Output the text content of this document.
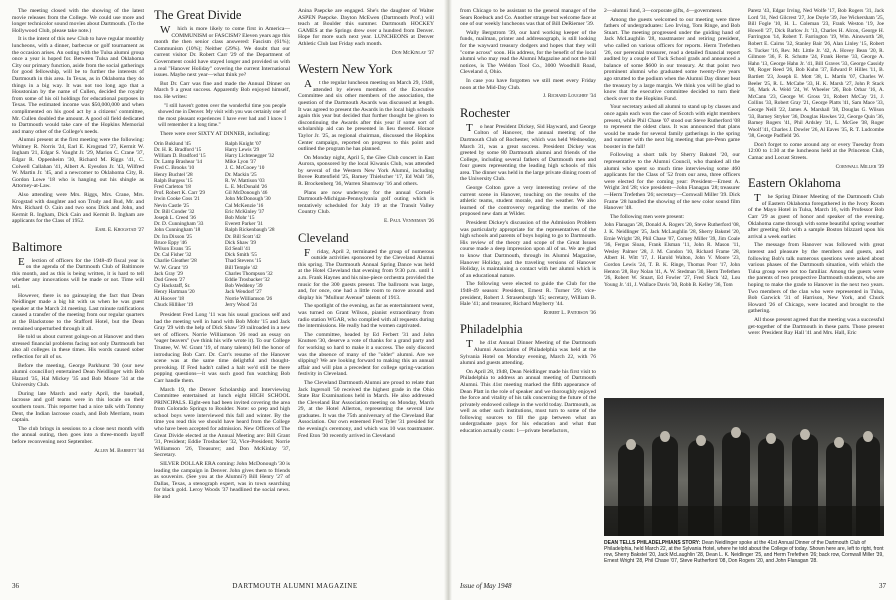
The meeting closed with the showing of the latest movie releases from the College. We could use more and longer technicolor sound movies about Dartmouth. (To the Hollywood Club, please take note.)

It is the intent of this new Club to have regular monthly luncheons, with a dinner, barbecue or golf tournament as the occasion arises. An outing with the Tulsa alumni group once a year is hoped for. Between Tulsa and Oklahoma City our primary function, aside from the social gatherings for good fellowship, will be to further the interests of Dartmouth in this area. In Texas, as in Oklahoma they do things in a big way. It was not too long ago that a Houstonian by the name of Cullen, decided the royalty from some of his oil holdings for educational purposes in Texas. The estimated income was $50,000,000 and when complimented on his good act by a citizens' committee, Mr. Cullen doubled the amount. A good oil field dedicated to Dartmouth would take care of the Hopkins Memorial and many other of the College's needs.

Alumni present at the first meeting were the following: Whitney R. Norris '24, Earl E. Krogstad '27, Kermit W. Ingham '21, Edgar S. Vaught Jr. '29, Marion C. Crane '37, Edgar R. Oppenheim '30, Richard M. Riggs '41, C. Colwell Callahan '41, Albert A. Eyesdon Jr. '43, Wilfred W. Martin Jr. '45, and a newcomer to Oklahoma City, R. Gordon Lowe '18 who is hanging out his shingle as Attorney-at-Law.

Also attending were Mrs. Riggs, Mrs. Crane, Mrs. Krogstad with daughter and son Trudy and Bud, Mr. and Mrs. Richard O. Cain and two sons Dick and John, and Kermit R. Ingham, Dick Cain and Kermit B. Ingham are applicants for the Class of 1952.

Earl E. Krogstad '27

Baltimore

Election of officers for the 1948-49 fiscal year is on the agenda of the Dartmouth Club of Baltimore this month, and as this is being written, it is hard to tell whether any innovations will be made or not. Time will tell.

However, there is no gainsaying the fact that Dean Neidlinger made a big hit with us when he was guest speaker at the March 24 meeting. Last minute ratifications caused a transfer of the meeting from our regular quarters at the Blackstone to the Stafford Hotel, but the Dean remained unperturbed through it all.

He told us about current goings-on at Hanover and then stressed financial problems facing not only Dartmouth but also all colleges in these times. His words caused sober reflection for all of us.

Before the meeting, George Parkhurst '30 (our new alumni councillor) entertained Dean Neidlinger with Bob Hazard '35, Hal Mickey '35 and Bob Moore '34 at the University Club.

During late March and early April, the baseball, lacrosse and golf teams were in this locale on their southern tours. This reporter had a nice talk with Tommy Dent, the Indian lacrosse coach, and Bob Merriam, team captain.

The club brings in sessions to a close next month with the annual outing, then goes into a three-month layoff before reconvening next September.

Allen M. Barrett '44

The Great Divide

Which is more likely to come first in America—COMMUNISM or FASCISM? Eleven years ago this month the then senior class answered: Fascism (61%); Communism (10%); Neither (29%). We doubt that our current visitor Dr. Robert Carr '29 of the Department of Government could have stayed longer and provided us with a real "Hanover Holiday" covering the current International issues. Maybe next year—what think ye?

But Dr. Carr was fine and made the Annual Dinner on March 9 a great success. Apparently Bob enjoyed himself, too. He writes:

"I still haven't gotten over the wonderful time you people showed me in Denver. My visit with you was certainly one of the most pleasant experiences I have ever had and I know I will remember it a long time."

There were over SIXTY AT DINNER, including:

Orin Buklund '45
Dr. H. R. Bradford '15
William D. Bradford '15
Dr. Lamp Brashear '14
Fred C. Brooks '10
Henry Buchtel '28
Ralph Burgess '15
Fred Carleton '18
Prof. Robert K. Carr '29
Irwin Cooke Coss '21
Nevin Castle '25
Dr. Bill Conder '32
Joseph L. Creed '36
Dr. D. Cunningham '33
John Cunningham '18
Dr. Ira Dixson '25
Bruce Eppy '46
Wilson Evans '35
Dr. Cal Fisher '32
Charlie Gleather '28
W. W. Grant '19
Jack Gray '29
Dud Green '27
Cy Hackstaff, Sr.
Henry Hartman '20
Al Hoover '18
Chuck Hilliker '19
Ralph Knight '07
Harry Lewis '29
Harry Lichtenegger '32
Mike Lyon '37
J. C. McCooey '10
Dr. Mackin '25
R. W. Mattison '03
L. E. McDonald '26
Gil McDonough '46
John McDonough '30
Cal McKenzie '16
Eric McKinley '37
Bob Mohr '15
Everett Parker '31
Ralph Rickenbaugh '28
Dr. Bill Scott '42
Dick Shaw '39
Ed Seall '41
Dick Smith '55
Thad Stevens '15
Bill Temple '42
Charles Thompson '32
Eddie Trosbacker '32
Bob Weddeny '39
Jack Wendorf '27
Norrie Williamson '26
Jerry Wood '24

President Fred Long '11 was his usual gracious self and had the meeting well in hand with Bob Mohr '15 and Jack Gray '29 with the help of Dick Shaw '39 railroaded in a new set of officers. Norrie Williamson '26 read an essay on "eager beavers" (we think his wife wrote it). To our College Trustee, W. W. Grant '19, of many talents) fell the honor of introducing Bob Carr. Dr. Carr's resume of the Hanover scene was at the same time delightful and thought-provoking. If Fred hadn't called a halt we'd still be there popping questions—it was such good fun watching Bob Carr handle them.

March 19, the Denver Scholarship and Interviewing Committee entertained at lunch eight HIGH SCHOOL PRINCIPALS. Eight-een had been invited covering the area from Colorado Springs to Boulder. Note: so prep and high school boys were interviewed this fall and winter. By the time you read this we should have heard from the College who have been accepted for admission. New Officers of The Great Divide elected at the Annual Meeting are: Bill Grant '31, President; Eddie Trosbacker '32, Vice-President; Norrie Williamson '26, Treasurer; and Don McKinlay '37, Secretary.

SILVER DOLLAR ERA coming: John McDonough '30 is leading the campaign in Denver. John gives them to friends as souvenirs. (See you at the Alumni?) Bill Henry '27 of Dallas, Texas, a stenograph expert, was in town searching for black gold. Leroy Woods '37 headlined the social news. He and

Anina Paepcke are engaged. She's the daughter of Walter ASPEN Paepcke. Dayton McEwen (Dartmouth Prof.) will teach at Boulder this summer. Dartmouth HOCKEY GAMES at the Springs drew over a hundred from Denver. Hope for more such next year. LUNCHEONS at Denver Athletic Club last Friday each month.

Don McKinlay '37

Western New York

At the regular luncheon meeting on March 29, 1948, attended by eleven members of the Executive Committee and six other members of the association, the question of the Dartmouth Awards was discussed at length. It was agreed to present the Awards in the local high schools again this year but decided that further thought be given to discontinuing the Awards after this year if some sort of scholarship aid can be presented in lieu thereof. Horace Taylor Jr. '25, as regional chairman, discussed the Hopkins Center campaign, reported on progress to this point and outlined the program he has planned.

On Monday night, April 5, the Glee Club concert in East Aurora, sponsored by the local Kiwanis Club, was attended by several of the Western New York Alumni, including Bovee Ruttenfield '25, Barney Thielscher '17, Ed Wall '36, R. Brockenberg '36, Warren Shumway '16 and others.

Plans are now underway for the annual Cornell-Dartmouth-Michigan-Pennsylvania golf outing which is tentatively scheduled for July 19 at the Transit Valley Country Club.

E. Paul Venneman '26

Cleveland

Friday, April 2, terminated the group of numerous outside activities sponsored by the Cleveland Alumni this spring. The Dartmouth Annual Spring Dance was held at the Hotel Cleveland that evening from 9:30 p.m. until 1 a.m. Frank Haynes and his nine-piece orchestra provided the music for the 300 guests present. The ballroom was large, and, for once, one had a little room to move around and display his "Mulluur Avenue" talents of 1913.

The spotlight of the evening, as far as entertainment went, was turned on Grant Wilson, pianist extraordinary from radio station WGAR, who complied with all requests during the intermissions. He really had the women captivated.

The committee, headed by Ed Ferbert '31 and John Knutsen '30, deserve a vote of thanks for a grand party and for working so hard to make it a success. The only discord was the absence of many of the "older" alumni. Are we slipping? We are looking forward to making this an annual affair and will plan a precedent for college spring-vacation festivity in Cleveland.

The Cleveland Dartmouth Alumni are proud to relate that Jack Ingersoll '50 received the highest grade in the Ohio State Bar Examinations held in March. He also addressed the Cleveland Bar Association meeting on Monday, March 29, at the Hotel Allerton, representing the several law graduates. It was the 75th anniversary of the Cleveland Bar Association. Our own esteemed Fred Tyler '31 presided for the evening's ceremony, and which was 10 was toastmaster. Fred Eton '30 recently arrived in Cleveland

36	DARTMOUTH ALUMNI MAGAZINE

from Chicago to be assistant to the general manager of the Sears Roebuck and Co. Another strange but welcome face at one of our weekly luncheons was that of Bill DeRiemer '39.

Wally Bergstrom '39, our hard working keeper of the funds, mailman, printer and addressograph, is still looking for the wayward treasury dodgers and hopes that they will "come across" soon. His address, for the benefit of the local alumni who may read the Alumni Magazine and not the bill notices, is The Weldon Tool Co., 3000 Woodhill Road, Cleveland 4, Ohio.

In case you have forgotten we still meet every Friday noon at the Mid-Day Club.

J. Richard Loughry '34

Rochester

To hear President Dickey, Sid Hayward, and George Colton of Hanover, the annual meeting of the Dartmouth Club of Rochester, which was held Wednesday, March 31, was a great success. President Dickey was greeted by some 80 Dartmouth alumni and friends of the College, including several fathers of Dartmouth men and four guests representing the leading high schools of this area. The dinner was held in the large private dining room of the University Club.

George Colton gave a very interesting review of the current scene in Hanover, touching on the results of the athletic teams, student morale, and the weather. We also learned of the controversy regarding the merits of the proposed new dam at Wilder.

President Dickey's discussion of the Admission Problem was particularly appropriate for the representatives of the high schools and parents of boys hoping to go to Dartmouth. His review of the theory and scope of the Great Issues course made a deep impression upon all of us. We are glad to know that Dartmouth, through its Alumni Magazine, Hanover Holiday, and the traveling versions of Hanover Holiday, is maintaining a contact with her alumni which is of an educational nature.

The following were elected to guide the Club for the 1948-49 season: President, Ernest R. Turner '29; vice-president, Robert J. Strasenburgh '45; secretary, William B. Hale '41; and treasurer, Richard Mayberry '44.

Robert L. Paterson '36

Philadelphia

The 41st Annual Dinner Meeting of the Dartmouth Alumni Association of Philadelphia was held at the Sylvania Hotel on Monday evening, March 22, with 76 alumni and guests attending.

On April 28, 1948, Dean Neidlinger made his first visit to Philadelphia to address an annual meeting of Dartmouth Alumni. This 41st meeting marked the fifth appearance of Dean Platt in the role of speaker and we thoroughly enjoyed the force and vitality of his talk concerning the future of the privately endowed college in the world today. Dartmouth, as well as other such institutions, must turn to some of the following sources to fill the gap between what an undergraduate pays for his education and what that education actually costs: 1—private benefactors,

2—alumni fund, 3—corporate gifts, 4—government.

Among the guests welcomed to our meeting were three fathers of undergraduates: Leo Irving, Tom Ringe, and Bob Stuart. The meeting progressed under the guiding hand of Jack McLaughlin '28, toastmaster and retiring president, who called on various officers for reports. Herm Trefethen '26, our perennial treasurer, read a detailed financial report audited by a couple of Tuck School grads and announced a balance of some $600 in our treasury. At that point two prominent alumni who graduated some twenty-five years ago strutted to the podium when the Alumni Day dinner beat the treasury by a large margin. We think you will be glad to know that the executive committee decided to turn their check over to the Hopkins Fund.

Your secretary asked all alumni to stand up by classes and once again each won the case of Scotch with eight members present, while Phil Chase '07 stood out Steve Rutherford '08 to represent the oldest class. It was announced that plans would be made for several family gatherings in the spring and summer with the next big meeting that pre-Penn game booster in the fall!

Following a short talk by Sherry Bakstel '20, our representative to the Alumni Council, who thanked all the alumni who spent so much time interviewing some 460 applicants for the Class of '52 from our area, three officers were elected for the coming year: President—Ernest A. Wright 3rd '28; vice president—John Flanagan '28; treasurer—Herm Trefethen '26; secretary—Cornwall Miller '39. Dick Frame '28 handled the showing of the new color sound film Hanover '48.

The following men were present:

John Flanagan '28, Donald A. Rogers '20, Steve Rutherford '08, J. K. Neidlinger '25, Jack McLaughlin '28, Sherry Bakstel '20, Ernie Wright '28, Phil Chase '07, Corney Miller '39, Jim Coale '36, Fergus Sloan, Frank Elsman '11, John R. Mason '11, Wesley Palmer '28, J. M. Condon '10, Richard Frame '28, Albert H. Witt '17, J. Harold Walton, John V. Moore '23, Gordon Lewis '24, T. B. K. Ringe, Thomas Poor '17, John Henton '28, Roy Nolan '41, A. W. Stedman '30, Herm Trefethen '26, Robert W. Stuart, Ed Fowler '27, Fred Slack '42, Lou Young Jr. '41, J. Wallace Davis '30, Robb B. Kelley '36, Tom

Paretz '43, Edgar Irving, Ned Wolfe '17, Bob Rogers '31, Jack Lord '31, Ned Gilcrest '27, Joe Doyle '39, Joe Wickersham '25, Bill Fogle '10, H. L. Coleman '23, Frank Weston '19, Joe Howell '27, Dick Barlow Jr. '13, Charles H. Alcon, George H. Farrington '14, Robert T. Farrington '19, Wm. Ainsworth '28, Robert E. Cairns '32, Stanley Bair '26, Alan Linley '15, Robert S. Tucker '16, Rev. Mr. Little Jr. '42, A. Hovey Bean '20, R. Gilmore '36, F. R. Schutte '24, Frank Herne '33, George A. Hahn '13, George Hahn Jr. '41, Bill Graves '33, George Cassidy '08, Roger Reed '26, Bob Kuhn '37, Edward P. Hilles '11, B. Bartlett '23, Joseph E. Mott '38, L. Martin '07, Charles W. Beeler '25, R. L. McCabe '33, H. K. Marsh '27, John P. Stack '36, Mark A. Weld '24, W. Wheeler '26, Bob Orbar '16, A. McCann '23, George W. Gross '21, Robert McCay '21, J. Collins '33, Robert Gray '21, George Platts '41, Sam Mace '33, George Neill '22, James A. Marshall '38, Douglas G. Wilson '33, Barney Stryker '36, Douglas Hawkes '22, George Quin '36, Barney Rogers '41, Phil Ardsley '31, L. McGee '38, Roger Woolf '41, Charles J. Dowler '26, Al Eaves '35, R. T. Ludcombe '38, George Padfield '26.

Don't forget to come around any or every Tuesday from 12:00 to 1:30 at the luncheons held at the Princeton Club, Camac and Locust Streets.

Cornwall Miller '39

Eastern Oklahoma

The Spring Dinner Meeting of the Dartmouth Club of Eastern Oklahoma foregathered in the Ivory Room of the Mayo Hotel in Tulsa, March 16, with Professor Bob Carr '29 as guest of honor and speaker of the evening. Oklahoma came through with some beautiful spring weather after greeting Bob with a sample Boston blizzard upon his arrival a week earlier.

The message from Hanover was followed with great interest and pleasure by the members and guests, and following Bob's talk numerous questions were asked about various phases of the Dartmouth situation, with which the Tulsa group were not too familiar. Among the guests were the parents of two prospective Dartmouth students, who are hoping to make the grade to Hanover in the next two years. Two members of the clan who were represented in Tulsa, Bob Garwick '31 of Harrison, New York, and Chuck Howard '26 of Chicago, were located and brought to the gathering.

All those present agreed that the meeting was a successful get-together of the Dartmouth in these parts. Those present were: President Ray Hall '41 and Mrs. Hall, Eric

DEAN TELLS PHILADELPHIANS STORY: Dean Neidlinger spoke at the 41st Annual Dinner of the Dartmouth Club of Philadelphia, held March 22, at the Sylvania Hotel, where he told about the College of today. Shown here are, left to right, front row, Sherry Bakstel '20, Jack McLaughlin '28, Dean L. K. Neidlinger '25, and Herm Trefethen '26; back row, Cornwall Miller '39, Ernest Wright '28, Phil Chase '07, Steve Rutherford '08, Don Rogers '20, and John Flanagan '28.
Issue of May 1948	37
